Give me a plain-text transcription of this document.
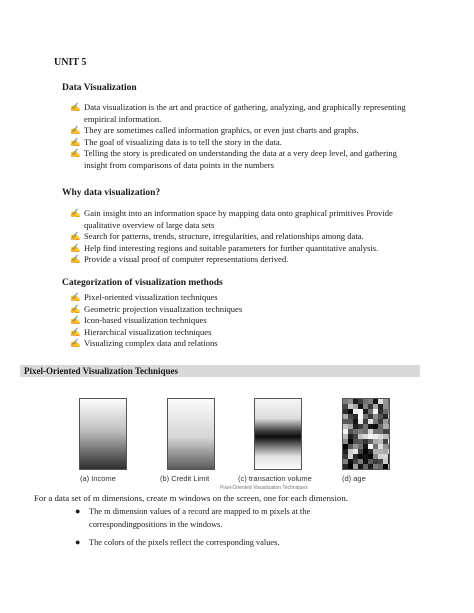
UNIT 5
Data Visualization
✍ Data visualization is the art and practice of gathering, analyzing, and graphically representing empirical information.
✍ They are sometimes called information graphics, or even just charts and graphs.
✍ The goal of visualizing data is to tell the story in the data.
✍ Telling the story is predicated on understanding the data at a very deep level, and gathering insight from comparisons of data points in the numbers
Why data visualization?
✍ Gain insight into an information space by mapping data onto graphical primitives Provide qualitative overview of large data sets
✍ Search for patterns, trends, structure, irregularities, and relationships among data.
✍ Help find interesting regions and suitable parameters for further quantitative analysis.
✍ Provide a visual proof of computer representations derived.
Categorization of visualization methods
✍ Pixel-oriented visualization techniques
✍ Geometric projection visualization techniques
✍ Icon-based visualization techniques
✍ Hierarchical visualization techniques
✍ Visualizing complex data and relations
Pixel-Oriented Visualization Techniques
(a) Income	(b) Credit Limit	(c) transaction volume	(d) age
Pixel-Oriented Visualization Techniques
For a data set of m dimensions, create m windows on the screen, one for each dimension.
● The m dimension values of a record are mapped to m pixels at the correspondingpositions in the windows.
● The colors of the pixels reflect the corresponding values.
